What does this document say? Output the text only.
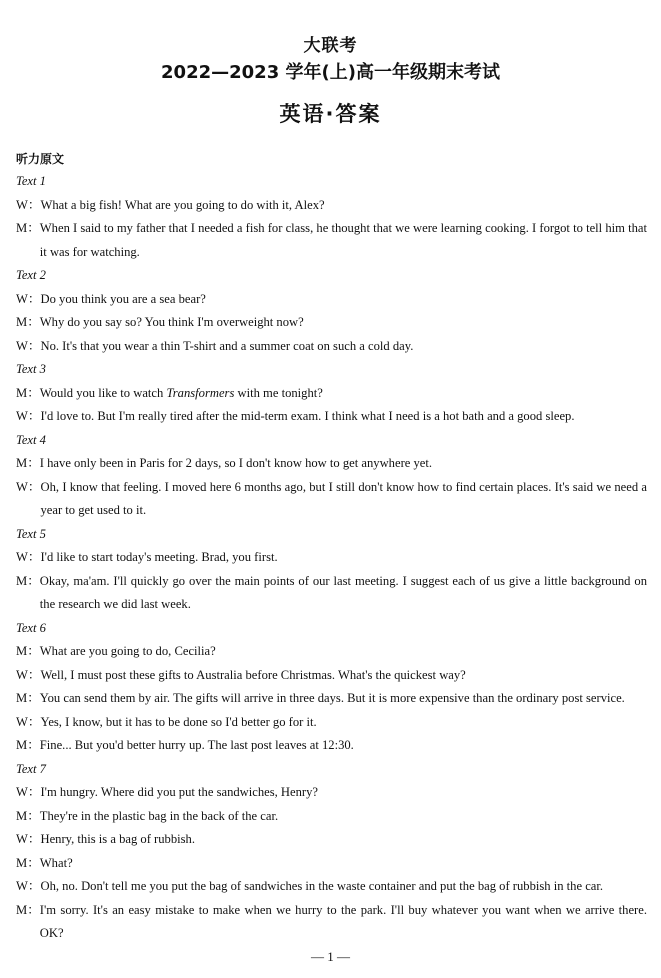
大联考
2022—2023 学年(上)高一年级期末考试
英语·答案
听力原文
Text 1
W： What a big fish! What are you going to do with it, Alex?
M： When I said to my father that I needed a fish for class, he thought that we were learning cooking. I forgot to tell him that it was for watching.
Text 2
W： Do you think you are a sea bear?
M： Why do you say so? You think I'm overweight now?
W： No. It's that you wear a thin T-shirt and a summer coat on such a cold day.
Text 3
M： Would you like to watch Transformers with me tonight?
W： I'd love to. But I'm really tired after the mid-term exam. I think what I need is a hot bath and a good sleep.
Text 4
M： I have only been in Paris for 2 days, so I don't know how to get anywhere yet.
W： Oh, I know that feeling. I moved here 6 months ago, but I still don't know how to find certain places. It's said we need a year to get used to it.
Text 5
W： I'd like to start today's meeting. Brad, you first.
M： Okay, ma'am. I'll quickly go over the main points of our last meeting. I suggest each of us give a little background on the research we did last week.
Text 6
M： What are you going to do, Cecilia?
W： Well, I must post these gifts to Australia before Christmas. What's the quickest way?
M： You can send them by air. The gifts will arrive in three days. But it is more expensive than the ordinary post service.
W： Yes, I know, but it has to be done so I'd better go for it.
M： Fine... But you'd better hurry up. The last post leaves at 12:30.
Text 7
W： I'm hungry. Where did you put the sandwiches, Henry?
M： They're in the plastic bag in the back of the car.
W： Henry, this is a bag of rubbish.
M： What?
W： Oh, no. Don't tell me you put the bag of sandwiches in the waste container and put the bag of rubbish in the car.
M： I'm sorry. It's an easy mistake to make when we hurry to the park. I'll buy whatever you want when we arrive there. OK?
— 1 —
